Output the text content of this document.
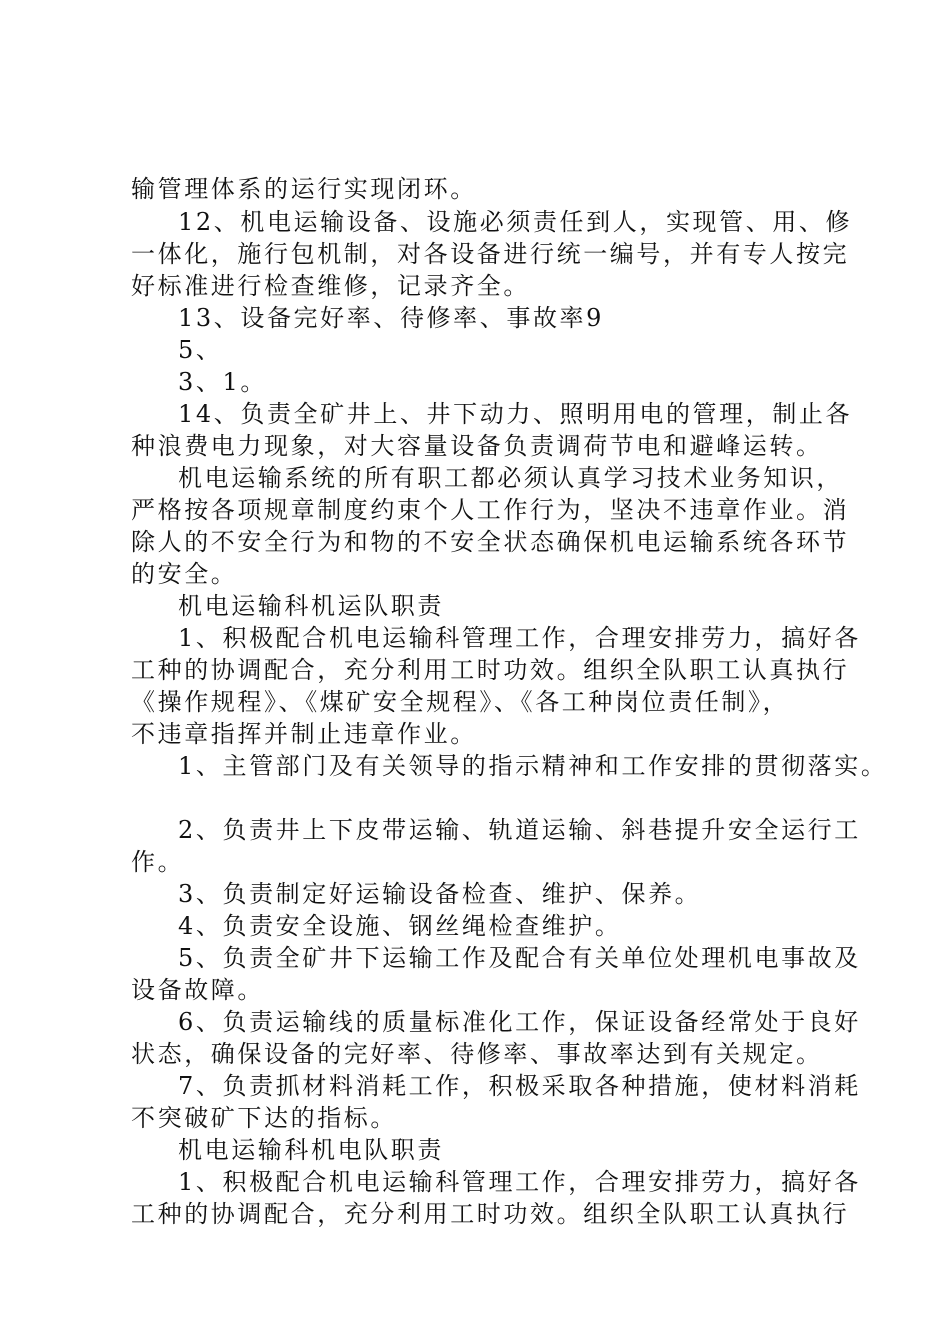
输管理体系的运行实现闭环。
12、机电运输设备、设施必须责任到人，实现管、用、修
一体化，施行包机制，对各设备进行统一编号，并有专人按完
好标准进行检查维修，记录齐全。
13、设备完好率、待修率、事故率9
5、
3、1。
14、负责全矿井上、井下动力、照明用电的管理，制止各
种浪费电力现象，对大容量设备负责调荷节电和避峰运转。
机电运输系统的所有职工都必须认真学习技术业务知识，
严格按各项规章制度约束个人工作行为，坚决不违章作业。消
除人的不安全行为和物的不安全状态确保机电运输系统各环节
的安全。
机电运输科机运队职责
1、积极配合机电运输科管理工作，合理安排劳力，搞好各
工种的协调配合，充分利用工时功效。组织全队职工认真执行
《操作规程》、《煤矿安全规程》、《各工种岗位责任制》，
不违章指挥并制止违章作业。
1、主管部门及有关领导的指示精神和工作安排的贯彻落实。
2、负责井上下皮带运输、轨道运输、斜巷提升安全运行工
作。
3、负责制定好运输设备检查、维护、保养。
4、负责安全设施、钢丝绳检查维护。
5、负责全矿井下运输工作及配合有关单位处理机电事故及
设备故障。
6、负责运输线的质量标准化工作，保证设备经常处于良好
状态，确保设备的完好率、待修率、事故率达到有关规定。
7、负责抓材料消耗工作，积极采取各种措施，使材料消耗
不突破矿下达的指标。
机电运输科机电队职责
1、积极配合机电运输科管理工作，合理安排劳力，搞好各
工种的协调配合，充分利用工时功效。组织全队职工认真执行
